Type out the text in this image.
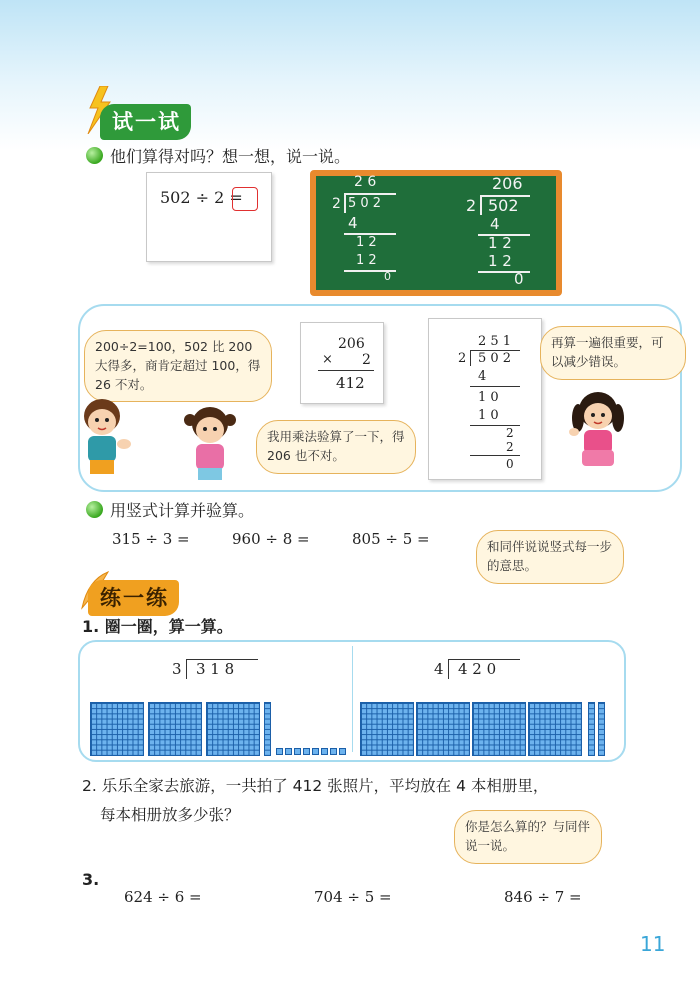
试一试
他们算得对吗？想一想，说一说。
502 ÷ 2 =
2 6
2 5 0 2
4
1 2
1 2
0
206
2 502
4
1 2
1 2
0
200÷2=100，502 比 200 大得多，商肯定超过 100，得 26 不对。
206
× 2
412
我用乘法验算了一下，得 206 也不对。
2 5 1
2 5 0 2
4
1 0
1 0
2
2
0
再算一遍很重要，可以减少错误。
用竖式计算并验算。
315 ÷ 3 =	960 ÷ 8 =	805 ÷ 5 =	和同伴说说竖式每一步的意思。
练一练
1. 圈一圈，算一算。
3 3 1 8	4 4 2 0
2. 乐乐全家去旅游，一共拍了 412 张照片，平均放在 4 本相册里，
每本相册放多少张？
你是怎么算的？与同伴说一说。
3.
624 ÷ 6 =	704 ÷ 5 =	846 ÷ 7 =
11
